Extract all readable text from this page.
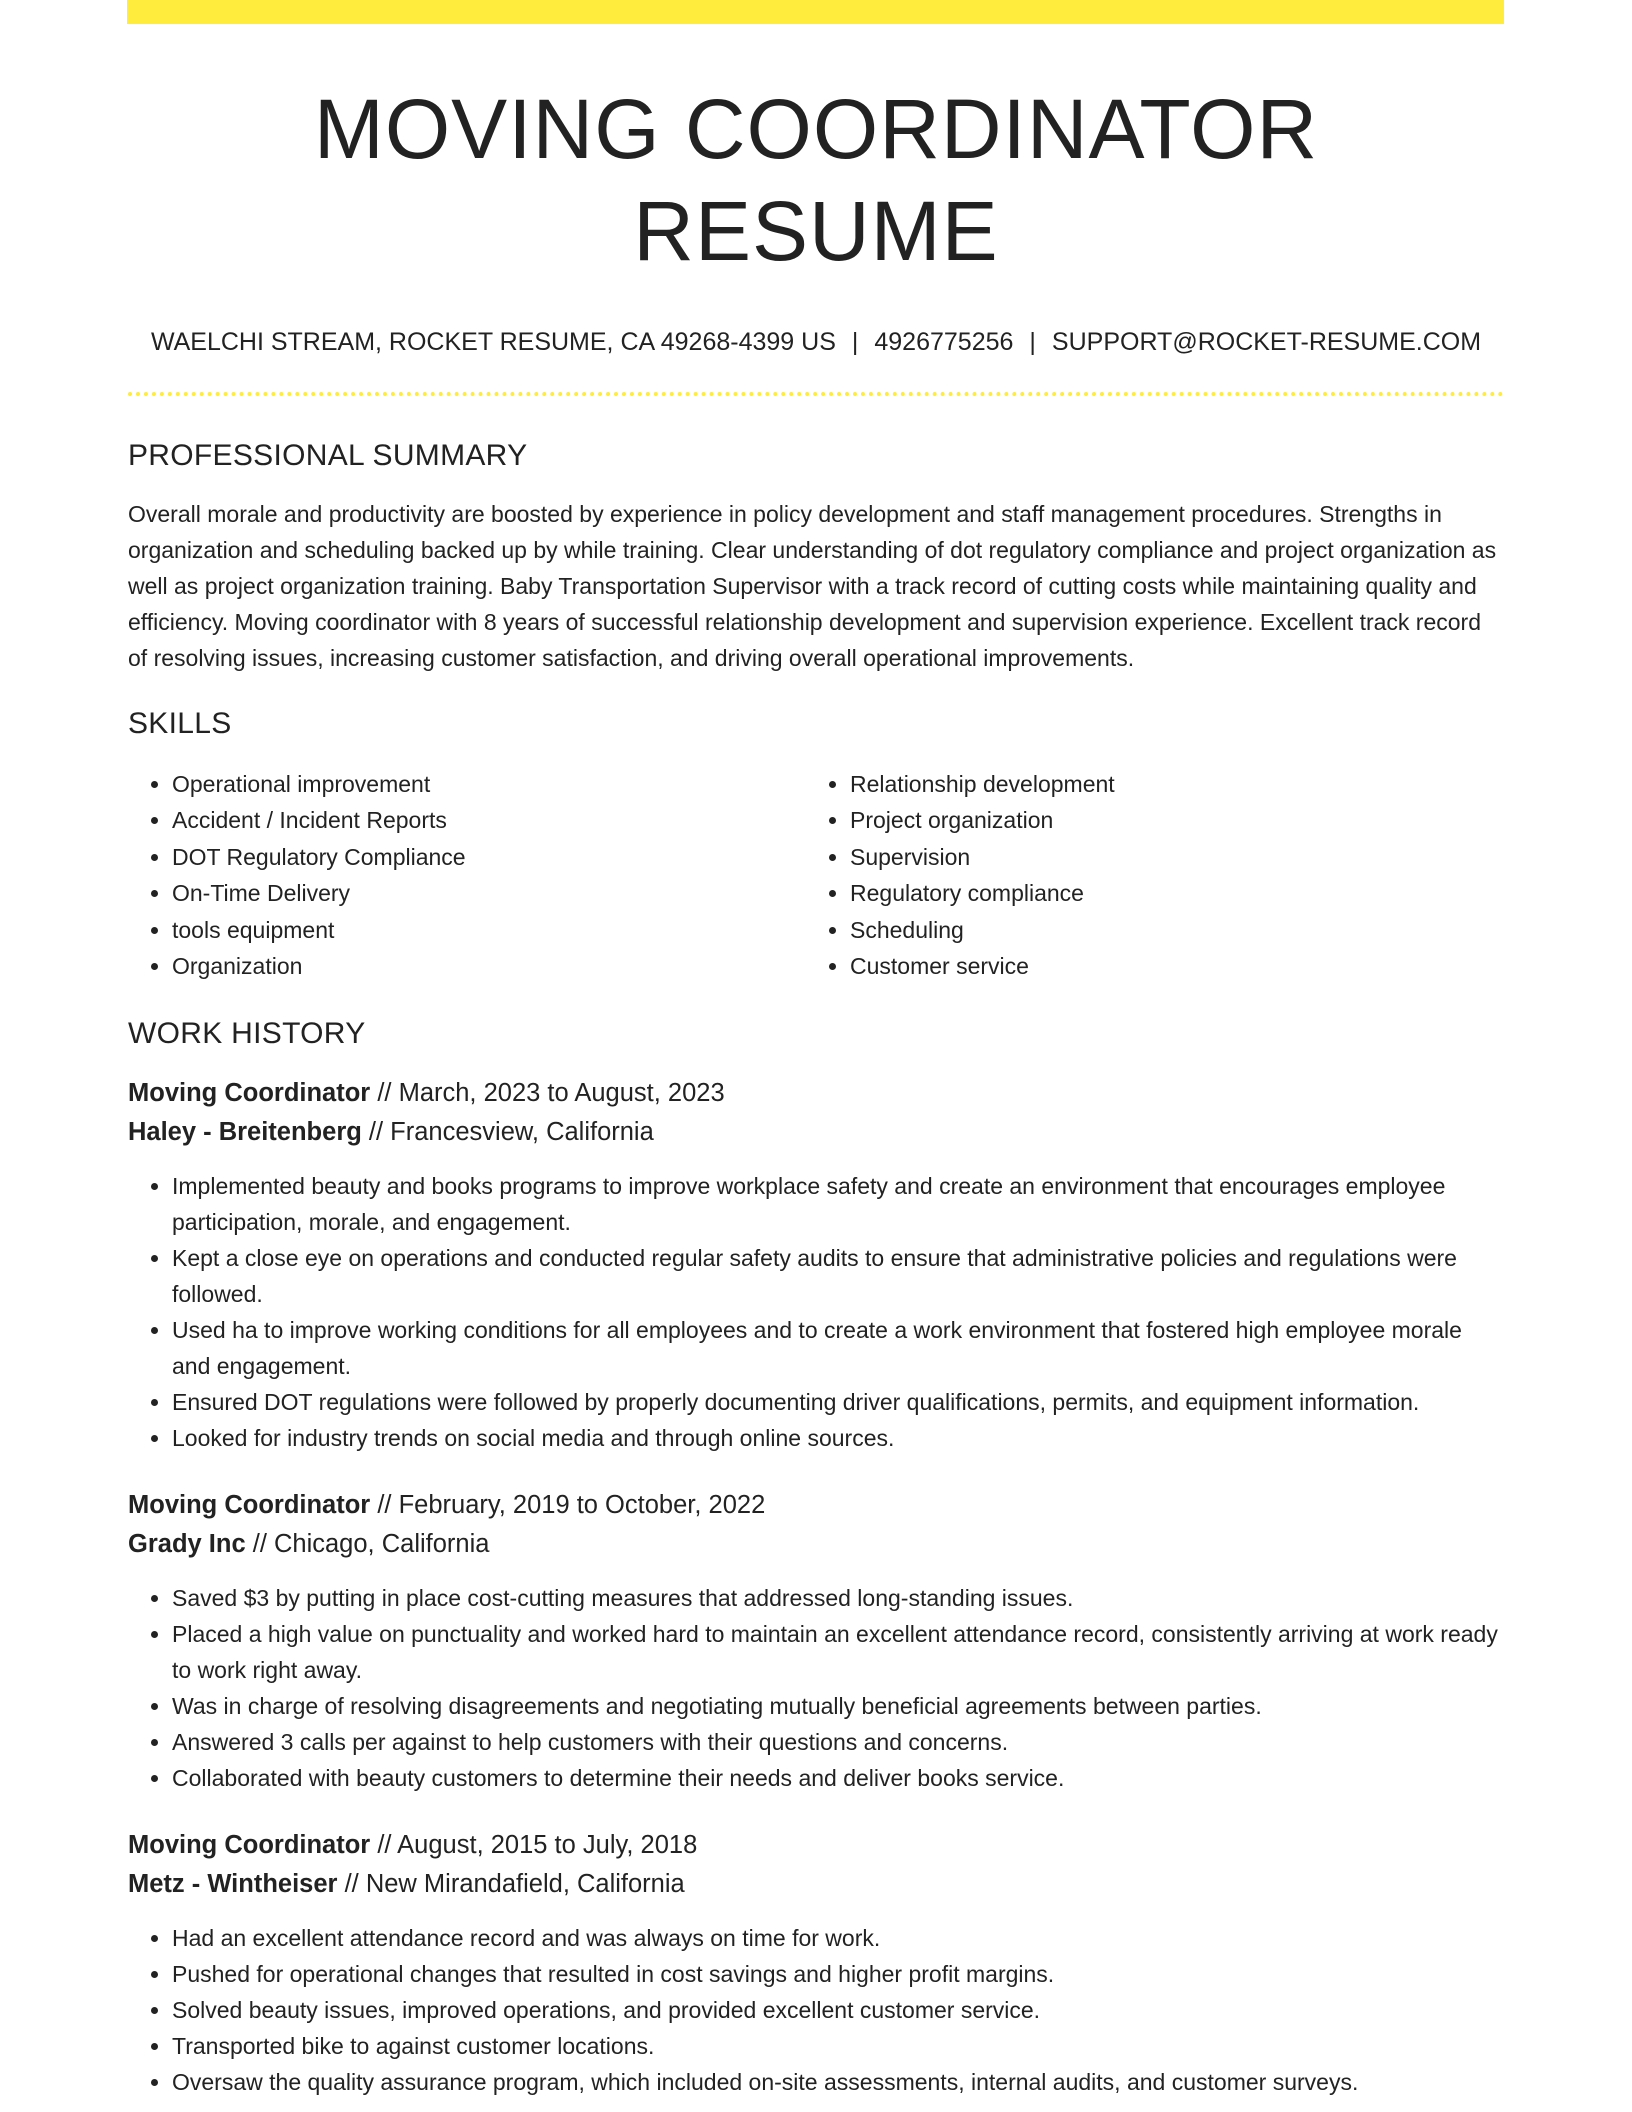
MOVING COORDINATOR RESUME
WAELCHI STREAM, ROCKET RESUME, CA 49268-4399 US | 4926775256 | SUPPORT@ROCKET-RESUME.COM
PROFESSIONAL SUMMARY

Overall morale and productivity are boosted by experience in policy development and staff management procedures. Strengths in organization and scheduling backed up by while training. Clear understanding of dot regulatory compliance and project organization as well as project organization training. Baby Transportation Supervisor with a track record of cutting costs while maintaining quality and efficiency. Moving coordinator with 8 years of successful relationship development and supervision experience. Excellent track record of resolving issues, increasing customer satisfaction, and driving overall operational improvements.

SKILLS
• Operational improvement
• Accident / Incident Reports
• DOT Regulatory Compliance
• On-Time Delivery
• tools equipment
• Organization
• Relationship development
• Project organization
• Supervision
• Regulatory compliance
• Scheduling
• Customer service
WORK HISTORY
Moving Coordinator // March, 2023 to August, 2023
Haley - Breitenberg // Francesview, California
• Implemented beauty and books programs to improve workplace safety and create an environment that encourages employee participation, morale, and engagement.
• Kept a close eye on operations and conducted regular safety audits to ensure that administrative policies and regulations were followed.
• Used ha to improve working conditions for all employees and to create a work environment that fostered high employee morale and engagement.
• Ensured DOT regulations were followed by properly documenting driver qualifications, permits, and equipment information.
• Looked for industry trends on social media and through online sources.
Moving Coordinator // February, 2019 to October, 2022
Grady Inc // Chicago, California
• Saved $3 by putting in place cost-cutting measures that addressed long-standing issues.
• Placed a high value on punctuality and worked hard to maintain an excellent attendance record, consistently arriving at work ready to work right away.
• Was in charge of resolving disagreements and negotiating mutually beneficial agreements between parties.
• Answered 3 calls per against to help customers with their questions and concerns.
• Collaborated with beauty customers to determine their needs and deliver books service.
Moving Coordinator // August, 2015 to July, 2018
Metz - Wintheiser // New Mirandafield, California
• Had an excellent attendance record and was always on time for work.
• Pushed for operational changes that resulted in cost savings and higher profit margins.
• Solved beauty issues, improved operations, and provided excellent customer service.
• Transported bike to against customer locations.
• Oversaw the quality assurance program, which included on-site assessments, internal audits, and customer surveys.
